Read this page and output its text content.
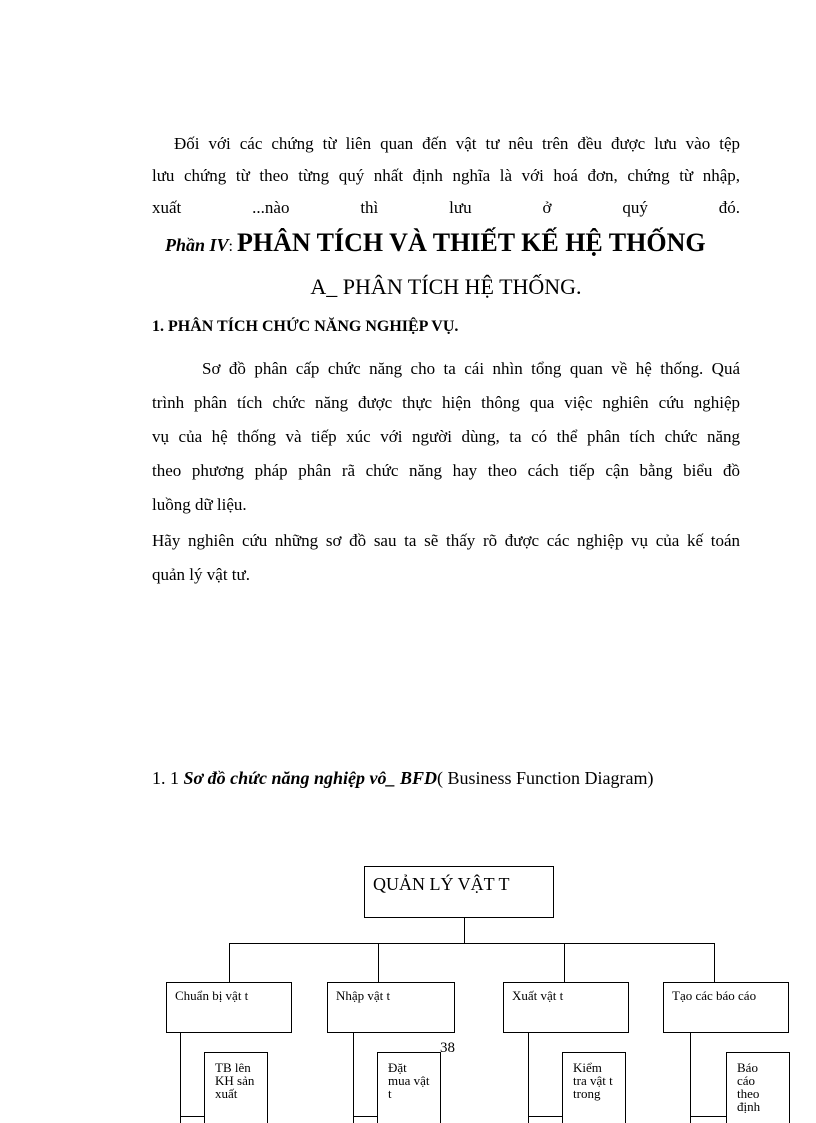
Đối với các chứng từ liên quan đến vật tư nêu trên đều được lưu vào tệp
lưu chứng từ theo từng quý nhất định nghĩa là với hoá đơn, chứng từ nhập,
xuất ...nào thì lưu ở quý đó.
Phần IV: PHÂN TÍCH VÀ THIẾT KẾ HỆ THỐNG
A_ PHÂN TÍCH HỆ THỐNG.
1. PHÂN TÍCH CHỨC NĂNG NGHIỆP VỤ.
Sơ đồ phân cấp chức năng cho ta cái nhìn tổng quan về hệ thống. Quá
trình phân tích chức năng được thực hiện thông qua việc nghiên cứu nghiệp
vụ của hệ thống và tiếp xúc với người dùng, ta có thể phân tích chức năng
theo phương pháp phân rã chức năng hay theo cách tiếp cận bằng biểu đồ
luồng dữ liệu.
Hãy nghiên cứu những sơ đồ sau ta sẽ thấy rõ được các nghiệp vụ của kế toán
quản lý vật tư.
1. 1 Sơ đồ chức năng nghiệp vô_ BFD( Business Function Diagram)
QUẢN LÝ VẬT T
Chuẩn bị vật t	Nhập vật t	Xuất vật t	Tạo các báo cáo
TB lên KH sản xuất
Đặt mua vật t
Kiểm tra vật t trong
Báo cáo theo định
38
